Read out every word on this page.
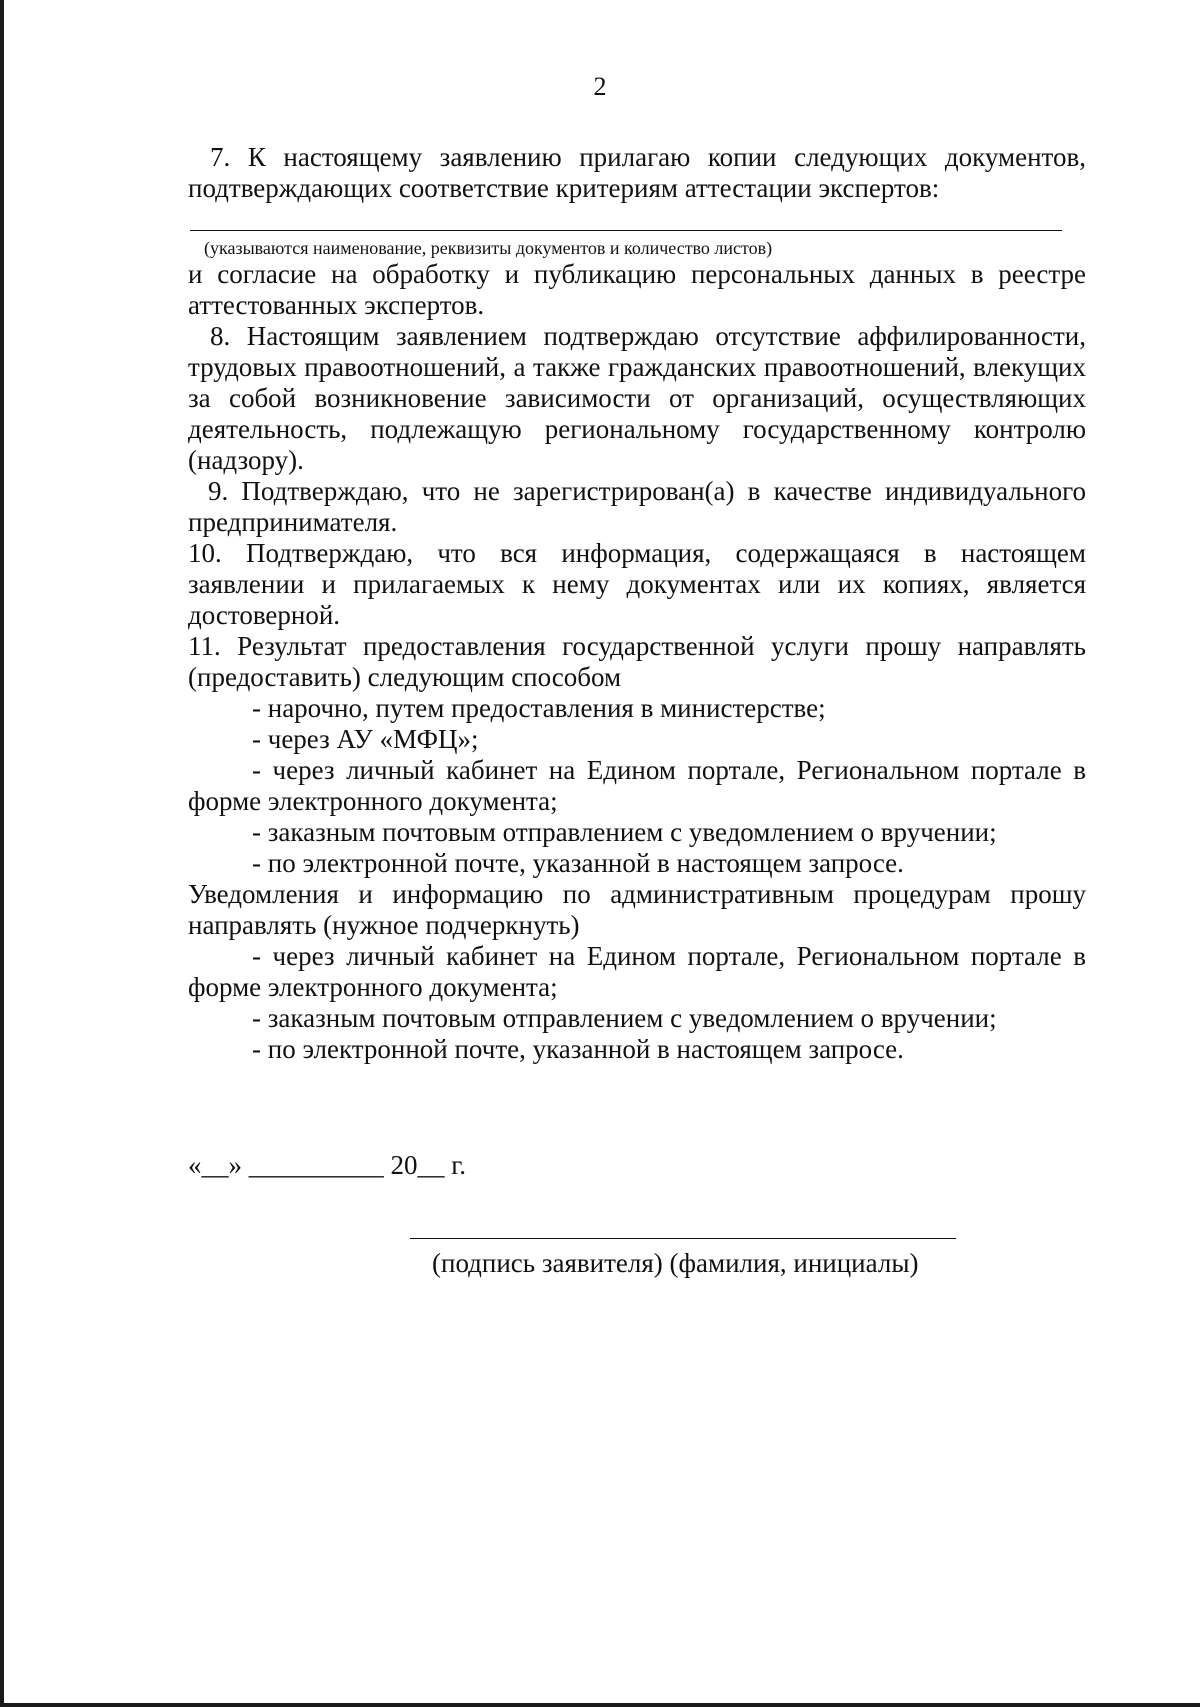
2

7. К настоящему заявлению прилагаю копии следующих документов, подтверждающих соответствие критериям аттестации экспертов:

(указываются наименование, реквизиты документов и количество листов)

и согласие на обработку и публикацию персональных данных в реестре аттестованных экспертов.

8. Настоящим заявлением подтверждаю отсутствие аффилированности, трудовых правоотношений, а также гражданских правоотношений, влекущих за собой возникновение зависимости от организаций, осуществляющих деятельность, подлежащую региональному государственному контролю (надзору).

9. Подтверждаю, что не зарегистрирован(а) в качестве индивидуального предпринимателя.

10. Подтверждаю, что вся информация, содержащаяся в настоящем заявлении и прилагаемых к нему документах или их копиях, является достоверной.

11. Результат предоставления государственной услуги прошу направлять (предоставить) следующим способом

- нарочно, путем предоставления в министерстве;

- через АУ «МФЦ»;

- через личный кабинет на Едином портале, Региональном портале в форме электронного документа;

- заказным почтовым отправлением с уведомлением о вручении;

- по электронной почте, указанной в настоящем запросе.

Уведомления и информацию по административным процедурам прошу направлять (нужное подчеркнуть)

- через личный кабинет на Едином портале, Региональном портале в форме электронного документа;

- заказным почтовым отправлением с уведомлением о вручении;

- по электронной почте, указанной в настоящем запросе.

«__» __________ 20__ г.
(подпись заявителя) (фамилия, инициалы)
